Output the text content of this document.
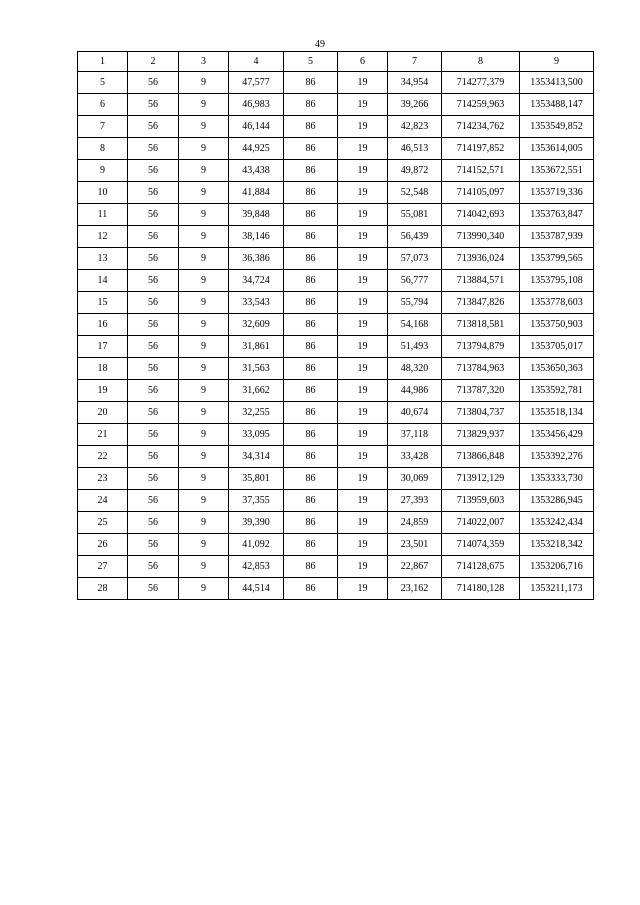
49
1	2	3	4	5	6	7	8	9
5	56	9	47,577	86	19	34,954	714277,379	1353413,500
6	56	9	46,983	86	19	39,266	714259,963	1353488,147
7	56	9	46,144	86	19	42,823	714234,762	1353549,852
8	56	9	44,925	86	19	46,513	714197,852	1353614,005
9	56	9	43,438	86	19	49,872	714152,571	1353672,551
10	56	9	41,884	86	19	52,548	714105,097	1353719,336
11	56	9	39,848	86	19	55,081	714042,693	1353763,847
12	56	9	38,146	86	19	56,439	713990,340	1353787,939
13	56	9	36,386	86	19	57,073	713936,024	1353799,565
14	56	9	34,724	86	19	56,777	713884,571	1353795,108
15	56	9	33,543	86	19	55,794	713847,826	1353778,603
16	56	9	32,609	86	19	54,168	713818,581	1353750,903
17	56	9	31,861	86	19	51,493	713794,879	1353705,017
18	56	9	31,563	86	19	48,320	713784,963	1353650,363
19	56	9	31,662	86	19	44,986	713787,320	1353592,781
20	56	9	32,255	86	19	40,674	713804,737	1353518,134
21	56	9	33,095	86	19	37,118	713829,937	1353456,429
22	56	9	34,314	86	19	33,428	713866,848	1353392,276
23	56	9	35,801	86	19	30,069	713912,129	1353333,730
24	56	9	37,355	86	19	27,393	713959,603	1353286,945
25	56	9	39,390	86	19	24,859	714022,007	1353242,434
26	56	9	41,092	86	19	23,501	714074,359	1353218,342
27	56	9	42,853	86	19	22,867	714128,675	1353206,716
28	56	9	44,514	86	19	23,162	714180,128	1353211,173
